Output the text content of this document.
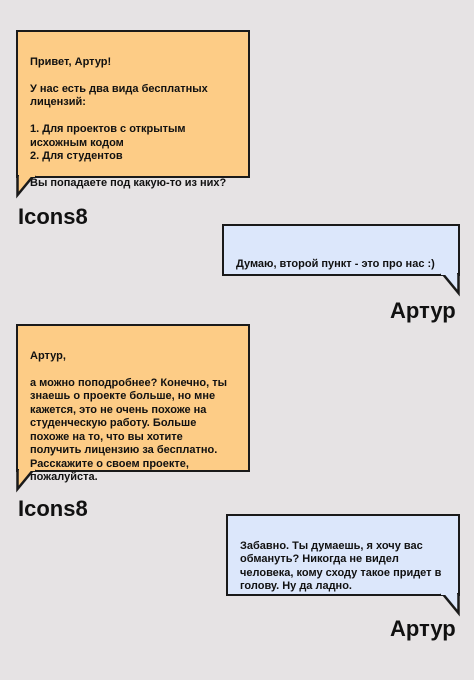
Привет, Артур!

У нас есть два вида бесплатных лицензий:

1. Для проектов с открытым исхожным кодом
2. Для студентов

Вы попадаете под какую-то из них?

Icons8

Думаю, второй пункт - это про нас :)

Артур

Артур,

а можно поподробнее? Конечно, ты знаешь о проекте больше, но мне кажется, это не очень похоже на студенческую работу. Больше похоже на то, что вы хотите получить лицензию за бесплатно. Расскажите о своем проекте, пожалуйста.

Icons8

Забавно. Ты думаешь, я хочу вас обмануть? Никогда не видел человека, кому сходу такое придет в голову. Ну да ладно.

Артур
